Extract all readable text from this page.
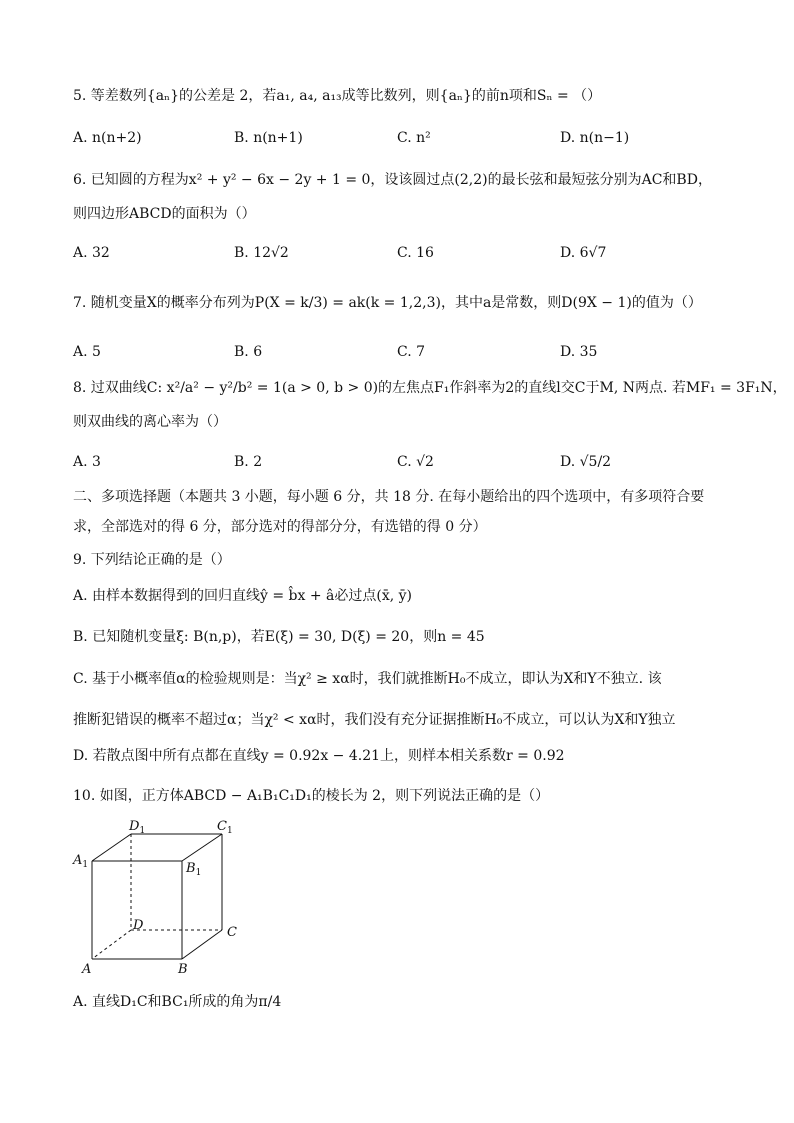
5. 等差数列{aₙ}的公差是 2，若a₁, a₄, a₁₃成等比数列，则{aₙ}的前n项和Sₙ = （）
A. n(n+2)	B. n(n+1)	C. n²	D. n(n−1)
6. 已知圆的方程为x² + y² − 6x − 2y + 1 = 0，设该圆过点(2,2)的最长弦和最短弦分别为AC和BD，
则四边形ABCD的面积为（）
A. 32	B. 12√2	C. 16	D. 6√7
7. 随机变量X的概率分布列为P(X = k/3) = ak(k = 1,2,3)，其中a是常数，则D(9X − 1)的值为（）
A. 5	B. 6	C. 7	D. 35
8. 过双曲线C: x²/a² − y²/b² = 1(a > 0, b > 0)的左焦点F₁作斜率为2的直线l交C于M, N两点. 若MF₁ = 3F₁N，
则双曲线的离心率为（）
A. 3	B. 2	C. √2	D. √5/2
二、多项选择题（本题共 3 小题，每小题 6 分，共 18 分. 在每小题给出的四个选项中，有多项符合要
求，全部选对的得 6 分，部分选对的得部分分，有选错的得 0 分）
9. 下列结论正确的是（）
A. 由样本数据得到的回归直线ŷ = b̂x + â必过点(x̄, ȳ)
B. 已知随机变量ξ: B(n,p)，若E(ξ) = 30, D(ξ) = 20，则n = 45
C. 基于小概率值α的检验规则是：当χ² ≥ xα时，我们就推断H₀不成立，即认为X和Y不独立. 该
推断犯错误的概率不超过α；当χ² < xα时，我们没有充分证据推断H₀不成立，可以认为X和Y独立
D. 若散点图中所有点都在直线y = 0.92x − 4.21上，则样本相关系数r = 0.92
10. 如图，正方体ABCD − A₁B₁C₁D₁的棱长为 2，则下列说法正确的是（）
$D_1$	$C_1$
$A_1$	$B_1$
D	C
A	B
A. 直线D₁C和BC₁所成的角为π/4
